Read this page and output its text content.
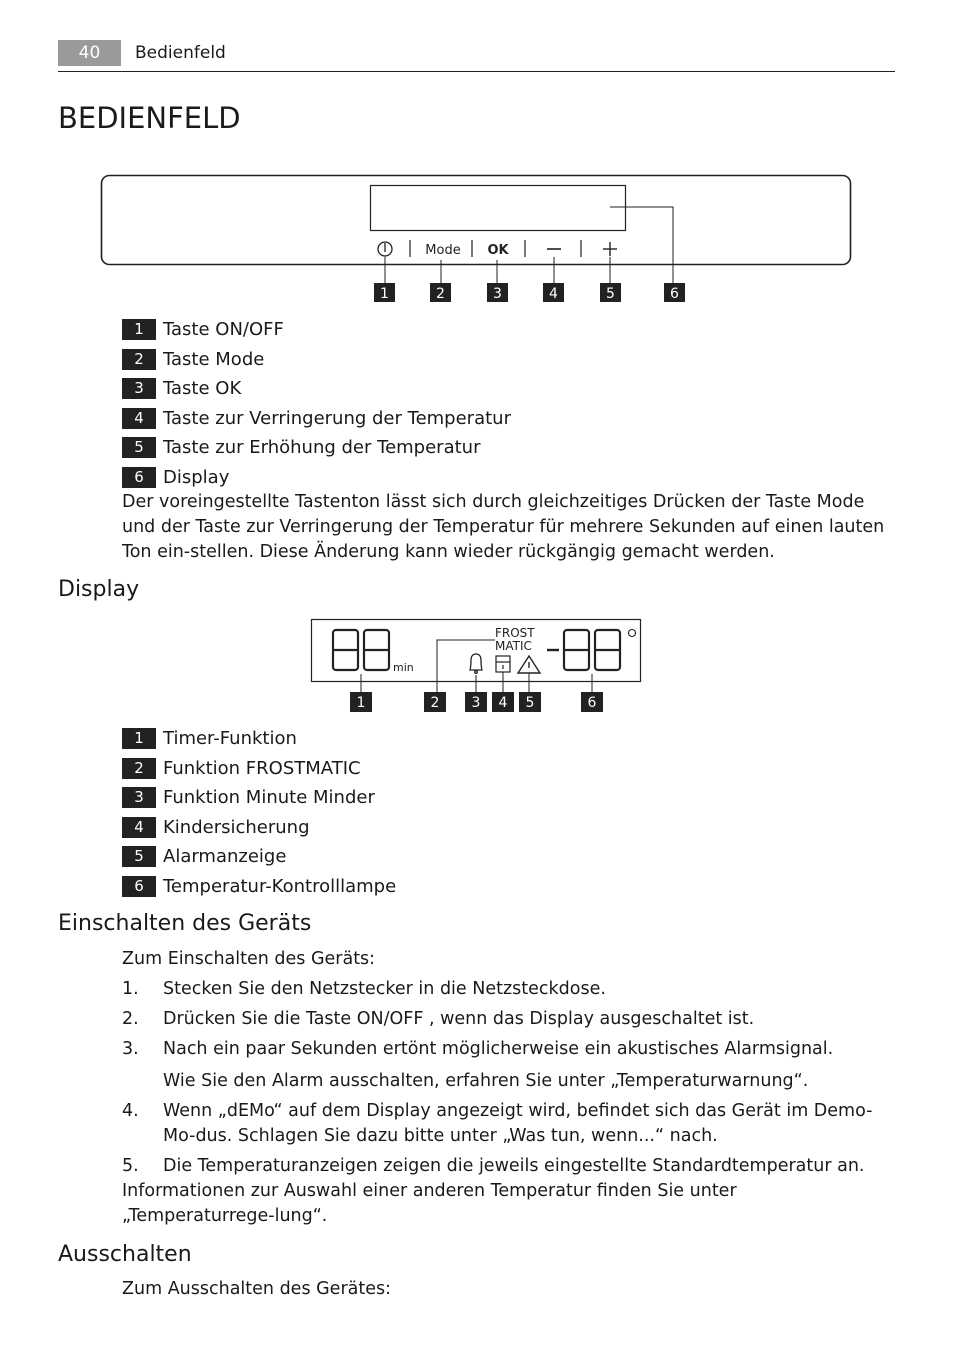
40	Bedienfeld
BEDIENFELD
Mode OK
1	2	3	4	5	6
1	Taste ON/OFF
2	Taste Mode
3	Taste OK
4	Taste zur Verringerung der Temperatur
5	Taste zur Erhöhung der Temperatur
6	Display

Der voreingestellte Tastenton lässt sich durch gleichzeitiges Drücken der Taste Mode und der Taste zur Verringerung der Temperatur für mehrere Sekunden auf einen lauten Ton ein-stellen. Diese Änderung kann wieder rückgängig gemacht werden.

Display
min
FROST
MATIC
1	2 3 4 5	6
1	Timer-Funktion
2	Funktion FROSTMATIC
3	Funktion Minute Minder
4	Kindersicherung
5	Alarmanzeige
6	Temperatur-Kontrolllampe
Einschalten des Geräts

Zum Einschalten des Geräts:

1.	Stecken Sie den Netzstecker in die Netzsteckdose.
2.	Drücken Sie die Taste ON/OFF , wenn das Display ausgeschaltet ist.
3.	Nach ein paar Sekunden ertönt möglicherweise ein akustisches Alarmsignal.
Wie Sie den Alarm ausschalten, erfahren Sie unter „Temperaturwarnung“.
4.	Wenn „dEMo“ auf dem Display angezeigt wird, befindet sich das Gerät im Demo-Mo-dus. Schlagen Sie dazu bitte unter „Was tun, wenn...“ nach.

5. Die Temperaturanzeigen zeigen die jeweils eingestellte Standardtemperatur an.
Informationen zur Auswahl einer anderen Temperatur finden Sie unter „Temperaturrege-lung“.

Ausschalten

Zum Ausschalten des Gerätes:
